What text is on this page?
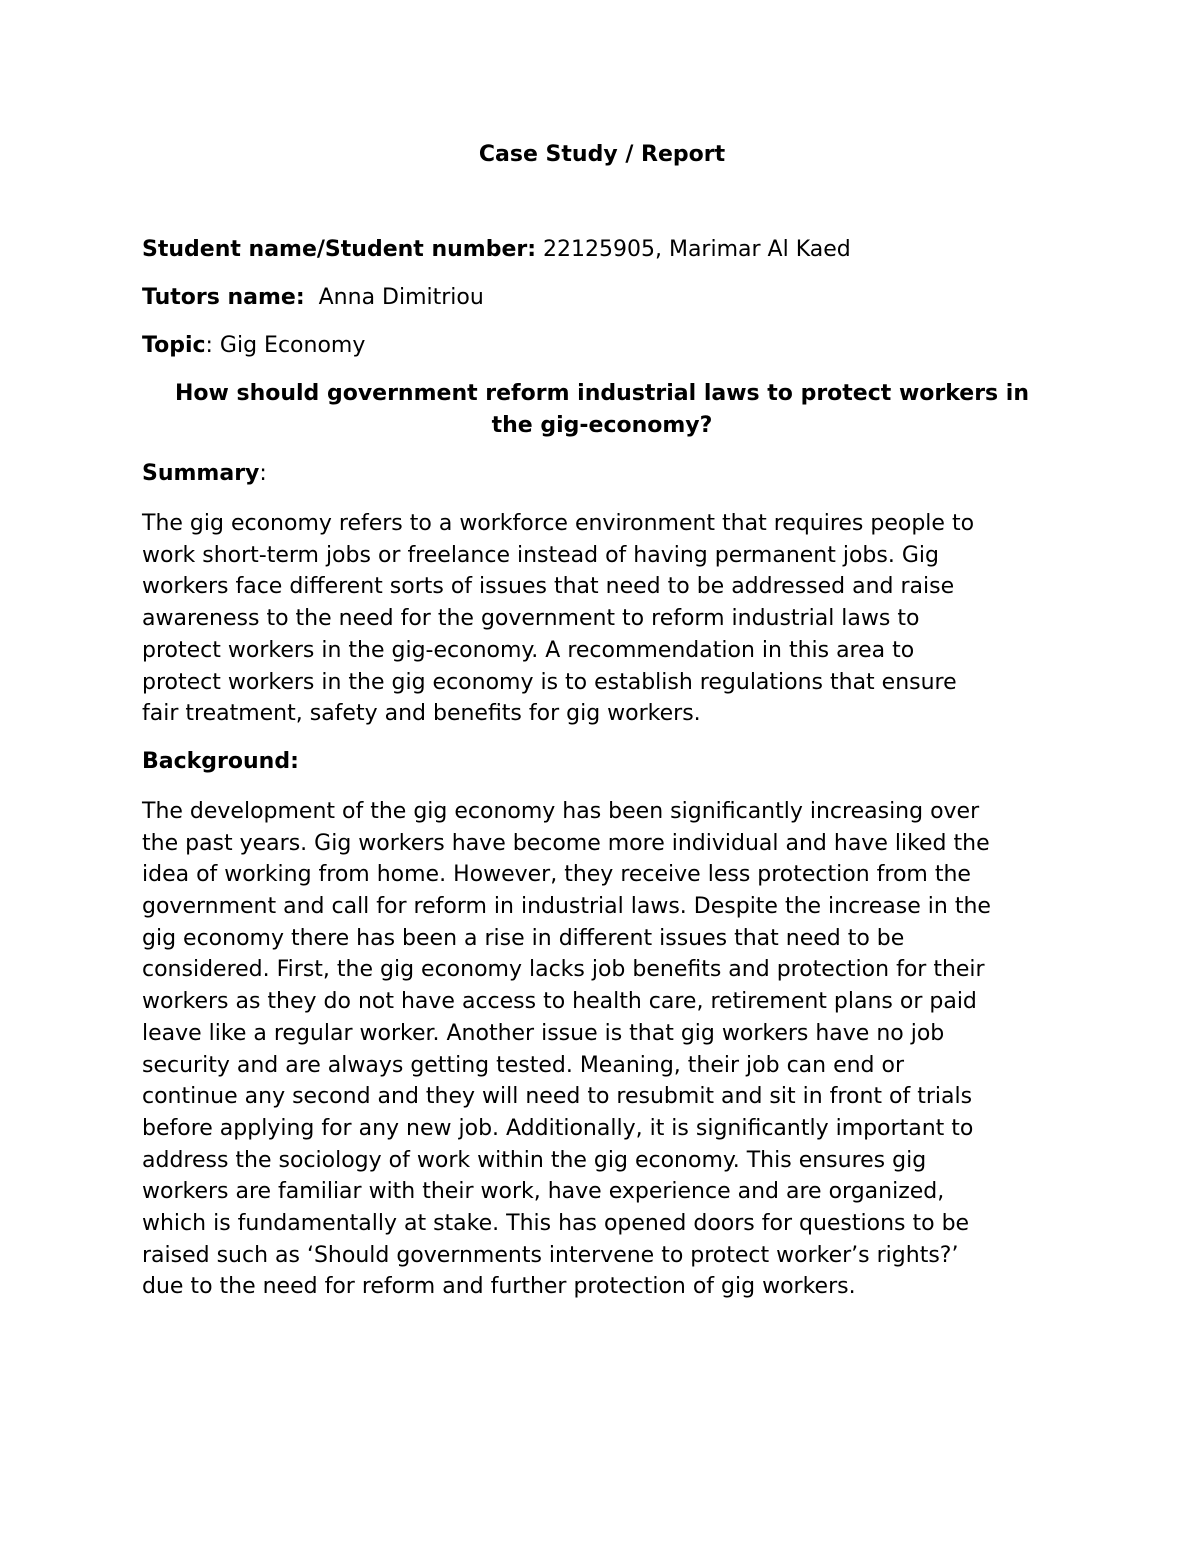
Case Study / Report

Student name/Student number: 22125905, Marimar Al Kaed

Tutors name:  Anna Dimitriou

Topic: Gig Economy

How should government reform industrial laws to protect workers in
the gig-economy?

Summary:

The gig economy refers to a workforce environment that requires people to
work short-term jobs or freelance instead of having permanent jobs. Gig
workers face different sorts of issues that need to be addressed and raise
awareness to the need for the government to reform industrial laws to
protect workers in the gig-economy. A recommendation in this area to
protect workers in the gig economy is to establish regulations that ensure
fair treatment, safety and benefits for gig workers.

Background:

The development of the gig economy has been significantly increasing over
the past years. Gig workers have become more individual and have liked the
idea of working from home. However, they receive less protection from the
government and call for reform in industrial laws. Despite the increase in the
gig economy there has been a rise in different issues that need to be
considered. First, the gig economy lacks job benefits and protection for their
workers as they do not have access to health care, retirement plans or paid
leave like a regular worker. Another issue is that gig workers have no job
security and are always getting tested. Meaning, their job can end or
continue any second and they will need to resubmit and sit in front of trials
before applying for any new job. Additionally, it is significantly important to
address the sociology of work within the gig economy. This ensures gig
workers are familiar with their work, have experience and are organized,
which is fundamentally at stake. This has opened doors for questions to be
raised such as ‘Should governments intervene to protect worker’s rights?’
due to the need for reform and further protection of gig workers.
